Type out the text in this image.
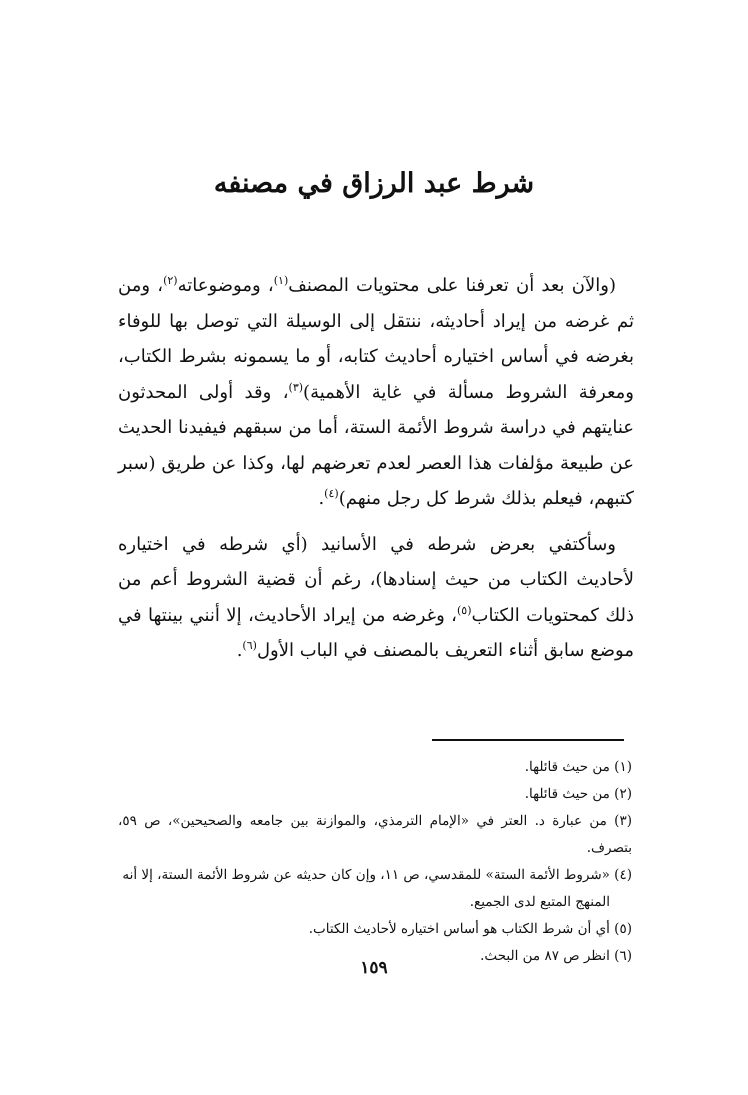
شرط عبد الرزاق في مصنفه

(والآن بعد أن تعرفنا على محتويات المصنف$^{(١)}$، وموضوعاته$^{(٢)}$، ومن ثم غرضه من إيراد أحاديثه، ننتقل إلى الوسيلة التي توصل بها للوفاء بغرضه في أساس اختياره أحاديث كتابه، أو ما يسمونه بشرط الكتاب، ومعرفة الشروط مسألة في غاية الأهمية)$^{(٣)}$، وقد أولى المحدثون عنايتهم في دراسة شروط الأئمة الستة، أما من سبقهم فيفيدنا الحديث عن طبيعة مؤلفات هذا العصر لعدم تعرضهم لها، وكذا عن طريق (سبر كتبهم، فيعلم بذلك شرط كل رجل منهم)$^{(٤)}$.

وسأكتفي بعرض شرطه في الأسانيد (أي شرطه في اختياره لأحاديث الكتاب من حيث إسنادها)، رغم أن قضية الشروط أعم من ذلك كمحتويات الكتاب$^{(٥)}$، وغرضه من إيراد الأحاديث، إلا أنني بينتها في موضع سابق أثناء التعريف بالمصنف في الباب الأول$^{(٦)}$.

(١) من حيث قائلها.

(٢) من حيث قائلها.

(٣) من عبارة د. العتر في «الإمام الترمذي، والموازنة بين جامعه والصحيحين»، ص ٥٩، بتصرف.

(٤) «شروط الأئمة الستة» للمقدسي، ص ١١، وإن كان حديثه عن شروط الأئمة الستة، إلا أنه

المنهج المتبع لدى الجميع.

(٥) أي أن شرط الكتاب هو أساس اختياره لأحاديث الكتاب.

(٦) انظر ص ٨٧ من البحث.

١٥٩
